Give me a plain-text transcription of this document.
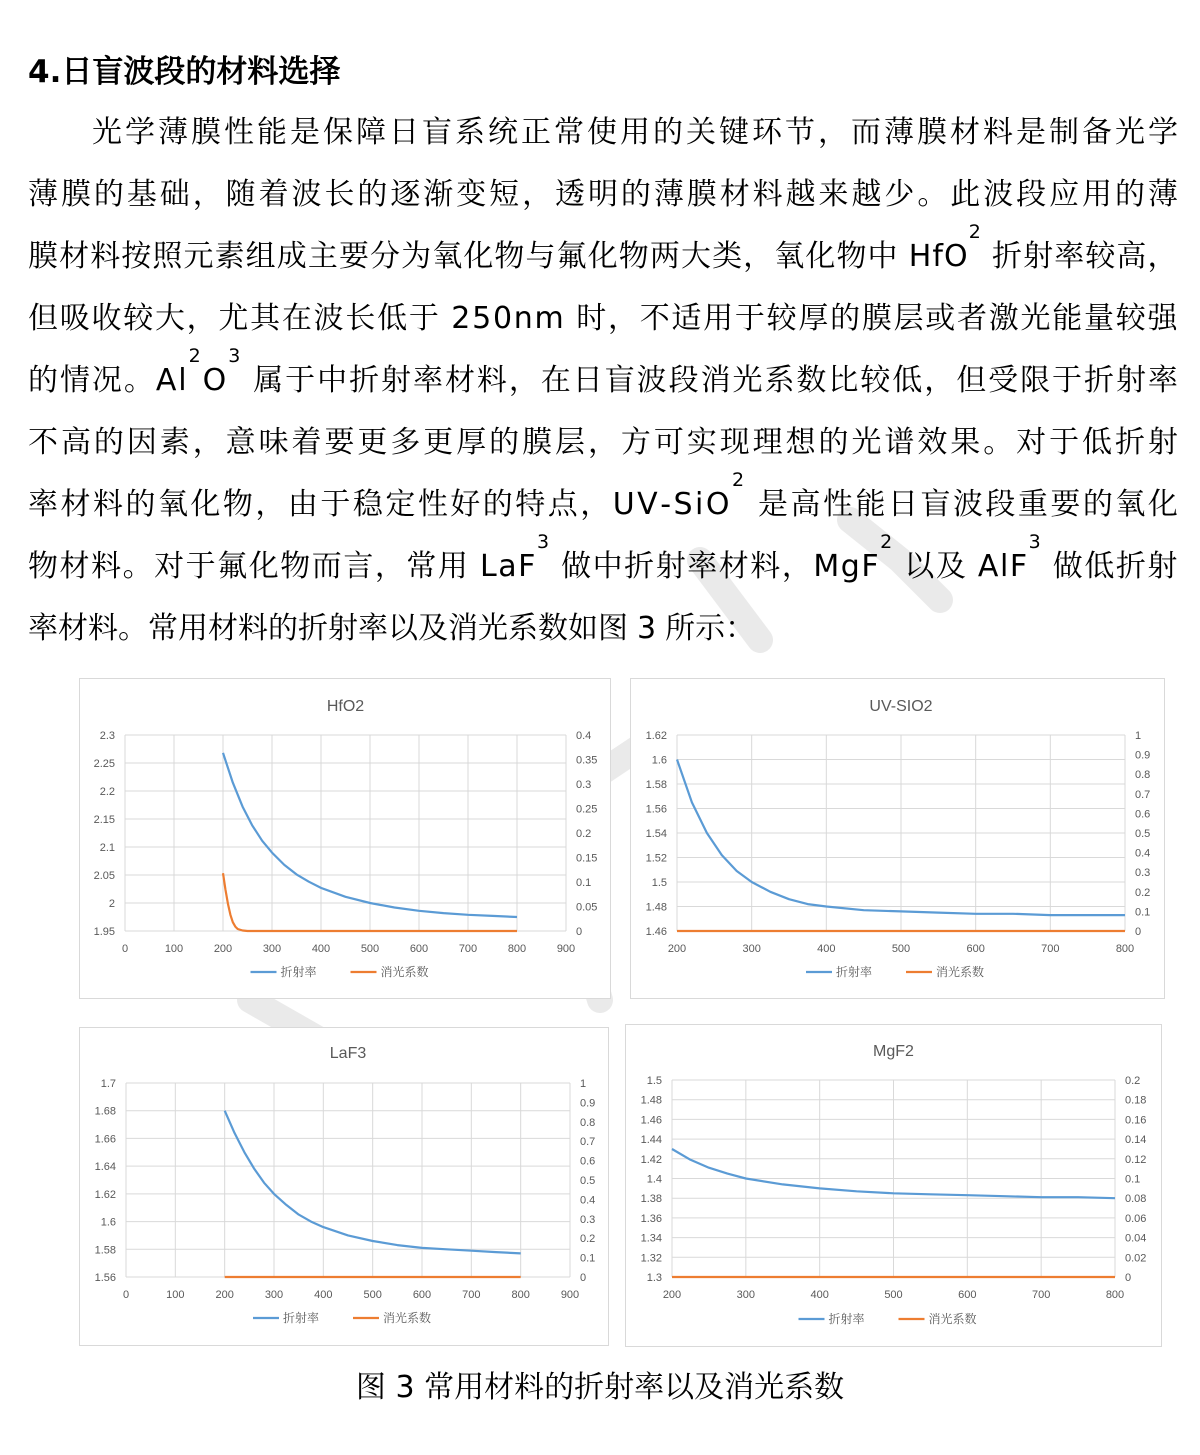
4.日盲波段的材料选择
光 学 薄 膜 性 能 是 保 障 日 盲 系 统 正 常 使 用 的 关 键 环 节 ， 而 薄 膜 材 料 是 制 备 光 学
薄 膜 的 基 础 ， 随 着 波 长 的 逐 渐 变 短 ， 透 明 的 薄 膜 材 料 越 来 越 少 。 此 波 段 应 用 的 薄
膜 材 料 按 照 元 素 组 成 主 要 分 为 氧 化 物 与 氟 化 物 两 大 类 ， 氧 化 物 中 H f O
$_2$
折 射 率 较 高 ，
但 吸 收 较 大 ， 尤 其 在 波 长 低 于 2 5 0 n m 时 ， 不 适 用 于 较 厚 的 膜 层 或 者 激 光 能 量 较 强
的 情 况 。 A l
$_2$
O
$_3$
属 于 中 折 射 率 材 料 ， 在 日 盲 波 段 消 光 系 数 比 较 低 ， 但 受 限 于 折 射 率
不 高 的 因 素 ， 意 味 着 要 更 多 更 厚 的 膜 层 ， 方 可 实 现 理 想 的 光 谱 效 果 。 对 于 低 折 射
率 材 料 的 氧 化 物 ， 由 于 稳 定 性 好 的 特 点 ， U V - S i O
$_2$
是 高 性 能 日 盲 波 段 重 要 的 氧 化
物 材 料 。 对 于 氟 化 物 而 言 ， 常 用 L a F
$_3$
做 中 折 射 率 材 料 ， M g F
$_2$
以 及 A l F
$_3$
做 低 折 射
率 材 料 。 常 用 材 料 的 折 射 率 以 及 消 光 系 数 如 图 3 所 示 ：
HfO2
1.95
2
2.05
2.1
2.15
2.2
2.25
2.3
0
0.05
0.1
0.15
0.2
0.25
0.3
0.35
0.4
0	100	200	300	400	500	600	700	800	900
折射率	消光系数
UV-SIO2
1.46
1.48
1.5
1.52
1.54
1.56
1.58
1.6
1.62
0
0.1
0.2
0.3
0.4
0.5
0.6
0.7
0.8
0.9
1
200	300	400	500	600	700	800
折射率	消光系数
LaF3
1.56
1.58
1.6
1.62
1.64
1.66
1.68
1.7
0
0.1
0.2
0.3
0.4
0.5
0.6
0.7
0.8
0.9
1
0	100	200	300	400	500	600	700	800	900
折射率	消光系数
MgF2
1.3
1.32
1.34
1.36
1.38
1.4
1.42
1.44
1.46
1.48
1.5
0
0.02
0.04
0.06
0.08
0.1
0.12
0.14
0.16
0.18
0.2
200	300	400	500	600	700	800
折射率	消光系数
图 3 常用材料的折射率以及消光系数
